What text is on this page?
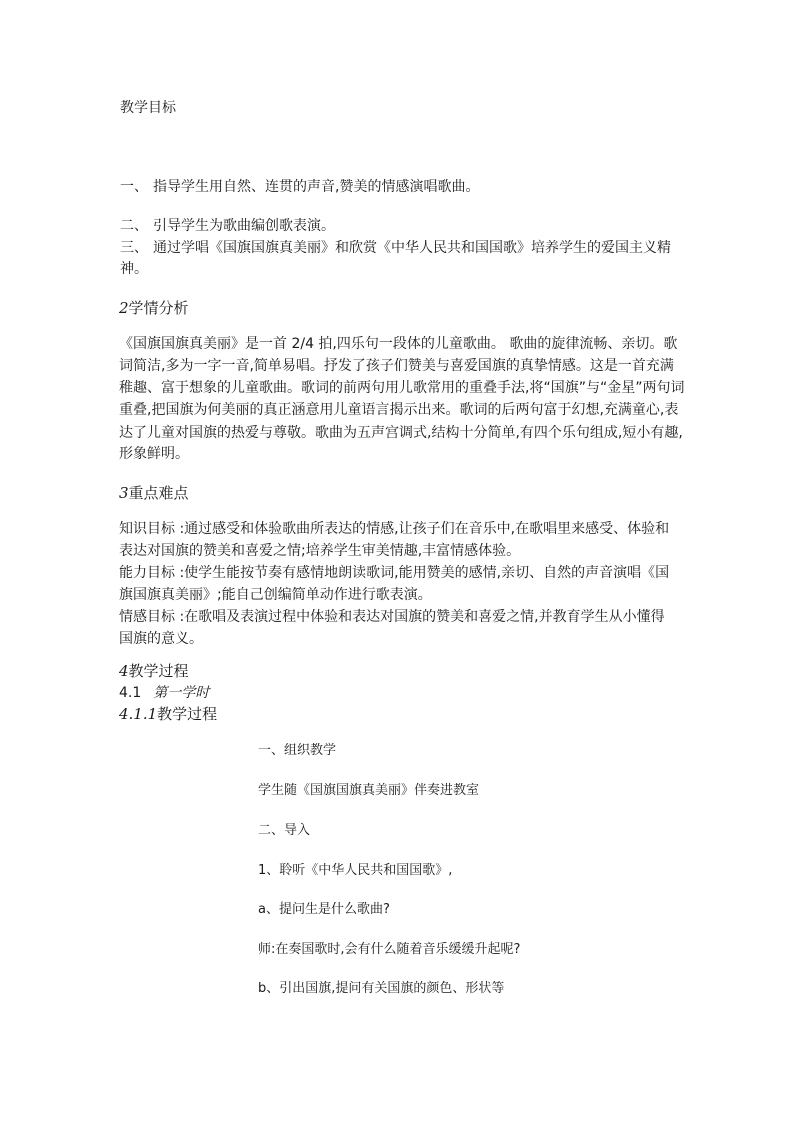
教学目标

一、 指导学生用自然、连贯的声音,赞美的情感演唱歌曲。
二、 引导学生为歌曲编创歌表演。
三、 通过学唱《国旗国旗真美丽》和欣赏《中华人民共和国国歌》培养学生的爱国主义精
神。

2学情分析

《国旗国旗真美丽》是一首 2/4 拍,四乐句一段体的儿童歌曲。 歌曲的旋律流畅、亲切。歌
词简洁,多为一字一音,简单易唱。抒发了孩子们赞美与喜爱国旗的真挚情感。这是一首充满
稚趣、富于想象的儿童歌曲。歌词的前两句用儿歌常用的重叠手法,将“国旗”与“金星”两句词
重叠,把国旗为何美丽的真正涵意用儿童语言揭示出来。歌词的后两句富于幻想,充满童心,表
达了儿童对国旗的热爱与尊敬。歌曲为五声宫调式,结构十分简单,有四个乐句组成,短小有趣,
形象鲜明。

3重点难点

知识目标 :通过感受和体验歌曲所表达的情感,让孩子们在音乐中,在歌唱里来感受、体验和
表达对国旗的赞美和喜爱之情;培养学生审美情趣,丰富情感体验。
能力目标 :使学生能按节奏有感情地朗读歌词,能用赞美的感情,亲切、自然的声音演唱《国
旗国旗真美丽》;能自己创编简单动作进行歌表演。
情感目标 :在歌唱及表演过程中体验和表达对国旗的赞美和喜爱之情,并教育学生从小懂得
国旗的意义。

4教学过程

4.1 第一学时

4.1.1教学过程

一、组织教学
学生随《国旗国旗真美丽》伴奏进教室
二、导入
1、聆听《中华人民共和国国歌》,
a、提问生是什么歌曲?
师:在奏国歌时,会有什么随着音乐缓缓升起呢?
b、引出国旗,提问有关国旗的颜色、形状等
